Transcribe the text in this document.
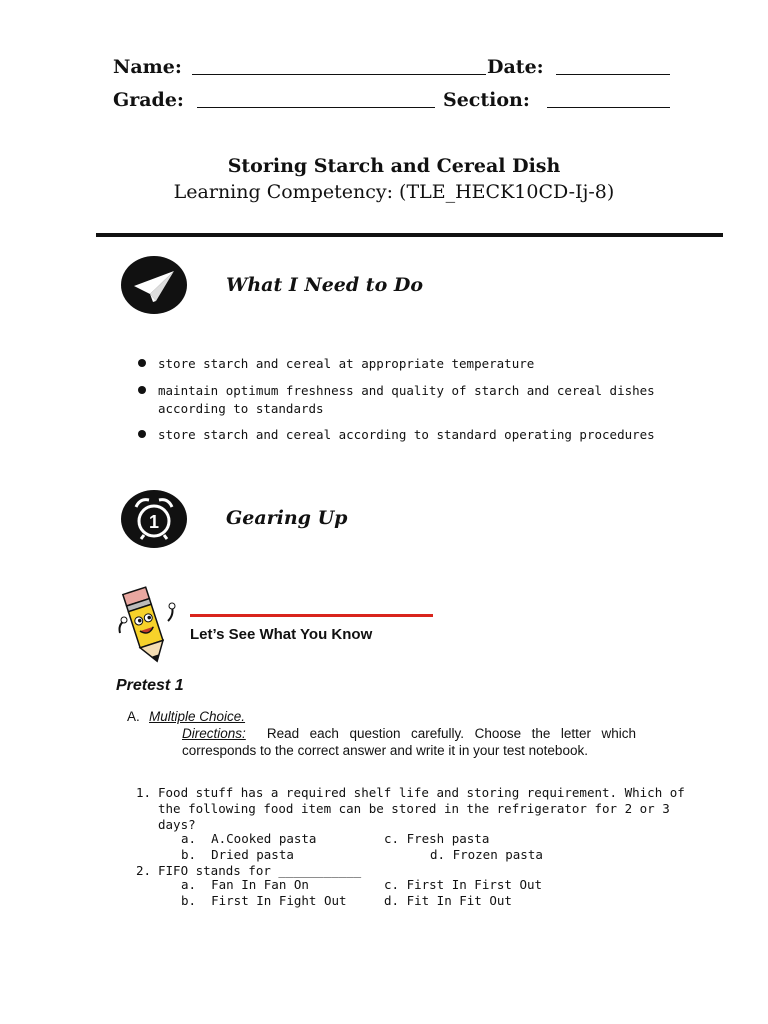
Name:	Date:
Grade:	Section:
Storing Starch and Cereal Dish
Learning Competency: (TLE_HECK10CD-Ij-8)
What I Need to Do
store starch and cereal at appropriate temperature
maintain optimum freshness and quality of starch and cereal dishes
according to standards
store starch and cereal according to standard operating procedures
1	Gearing Up
Let’s See What You Know
Pretest 1
A. Multiple Choice.
Directions: Read each question carefully. Choose the letter which corresponds to the correct answer and write it in your test notebook.
1. Food stuff has a required shelf life and storing requirement. Which of
the following food item can be stored in the refrigerator for 2 or 3
days?
a.  A.Cooked pasta	c. Fresh pasta
b.  Dried pasta	d. Frozen pasta
2. FIFO stands for ___________
a.  Fan In Fan On	c. First In First Out
b.  First In Fight Out	d. Fit In Fit Out
